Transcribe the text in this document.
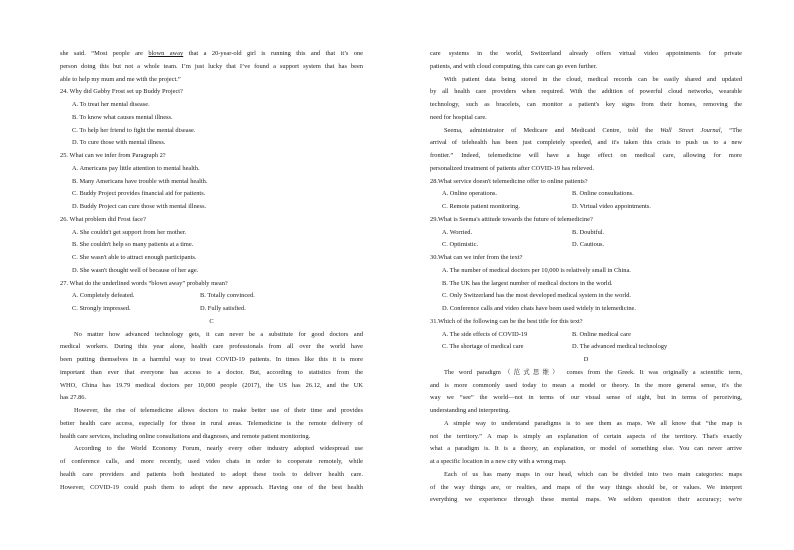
she said. “Most people are blown away that a 20-year-old girl is running this and that it’s one
person doing this but not a whole team. I’m just lucky that I’ve found a support system that has been
able to help my mum and me with the project.”
24. Why did Gabby Frost set up Buddy Project?
A. To treat her mental disease.
B. To know what causes mental illness.
C. To help her friend to fight the mental disease.
D. To cure those with mental illness.
25. What can we infer from Paragraph 2?
A. Americans pay little attention to mental health.
B. Many Americans have trouble with mental health.
C. Buddy Project provides financial aid for patients.
D. Buddy Project can cure those with mental illness.
26. What problem did Frost face?
A. She couldn't get support from her mother.
B. She couldn't help so many patients at a time.
C. She wasn't able to attract enough participants.
D. She wasn't thought well of because of her age.
27. What do the underlined words “blown away” probably mean?
A. Completely defeated.	B. Totally convinced.
C. Strongly impressed.	D. Fully satisfied.
C
No matter how advanced technology gets, it can never be a substitute for good doctors and
medical workers. During this year alone, health care professionals from all over the world have
been putting themselves in a harmful way to treat COVID-19 patients. In times like this it is more
important than ever that everyone has access to a doctor. But, according to statistics from the
WHO, China has 19.79 medical doctors per 10,000 people (2017), the US has 26.12, and the UK
has 27.86.
However, the rise of telemedicine allows doctors to make better use of their time and provides
better health care access, especially for those in rural areas. Telemedicine is the remote delivery of
health care services, including online consultations and diagnoses, and remote patient monitoring.
According to the World Economy Forum, nearly every other industry adopted widespread use
of conference calls, and more recently, used video chats in order to cooperate remotely, while
health care providers and patients both hesitated to adopt these tools to deliver health care.
However, COVID-19 could push them to adopt the new approach. Having one of the best health
care systems in the world, Switzerland already offers virtual video appointments for private
patients, and with cloud computing, this care can go even further.
With patient data being stored in the cloud, medical records can be easily shared and updated
by all health care providers when required. With the addition of powerful cloud networks, wearable
technology, such as bracelets, can monitor a patient's key signs from their homes, removing the
need for hospital care.
Seema, administrator of Medicare and Medicaid Centre, told the Wall Street Journal, “The
arrival of telehealth has been just completely speeded, and it's taken this crisis to push us to a new
frontier.” Indeed, telemedicine will have a huge effect on medical care, allowing for more
personalized treatment of patients after COVID-19 has relieved.
28.What service doesn't telemedicine offer to online patients?
A. Online operations.	B. Online consultations.
C. Remote patient monitoring.	D. Virtual video appointments.
29.What is Seema's attitude towards the future of telemedicine?
A. Worried.	B. Doubtful.
C. Optimistic.	D. Cautious.
30.What can we infer from the text?
A. The number of medical doctors per 10,000 is relatively small in China.
B. The UK has the largest number of medical doctors in the world.
C. Only Switzerland has the most developed medical system in the world.
D. Conference calls and video chats have been used widely in telemedicine.
31.Which of the following can be the best title for this text?
A. The side effects of COVID-19	B. Online medical care
C. The shortage of medical care	D. The advanced medical technology
D
The word paradigm（范式思维） comes from the Greek. It was originally a scientific term,
and is more commonly used today to mean a model or theory. In the more general sense, it's the
way we “see” the world—not in terms of our visual sense of sight, but in terms of perceiving,
understanding and interpreting.
A simple way to understand paradigms is to see them as maps. We all know that “the map is
not the territory.” A map is simply an explanation of certain aspects of the territory. That's exactly
what a paradigm is. It is a theory, an explanation, or model of something else. You can never arrive
at a specific location in a new city with a wrong map.
Each of us has many maps in our head, which can be divided into two main categories: maps
of the way things are, or realties, and maps of the way things should be, or values. We interpret
everything we experience through these mental maps. We seldom question their accuracy; we're
